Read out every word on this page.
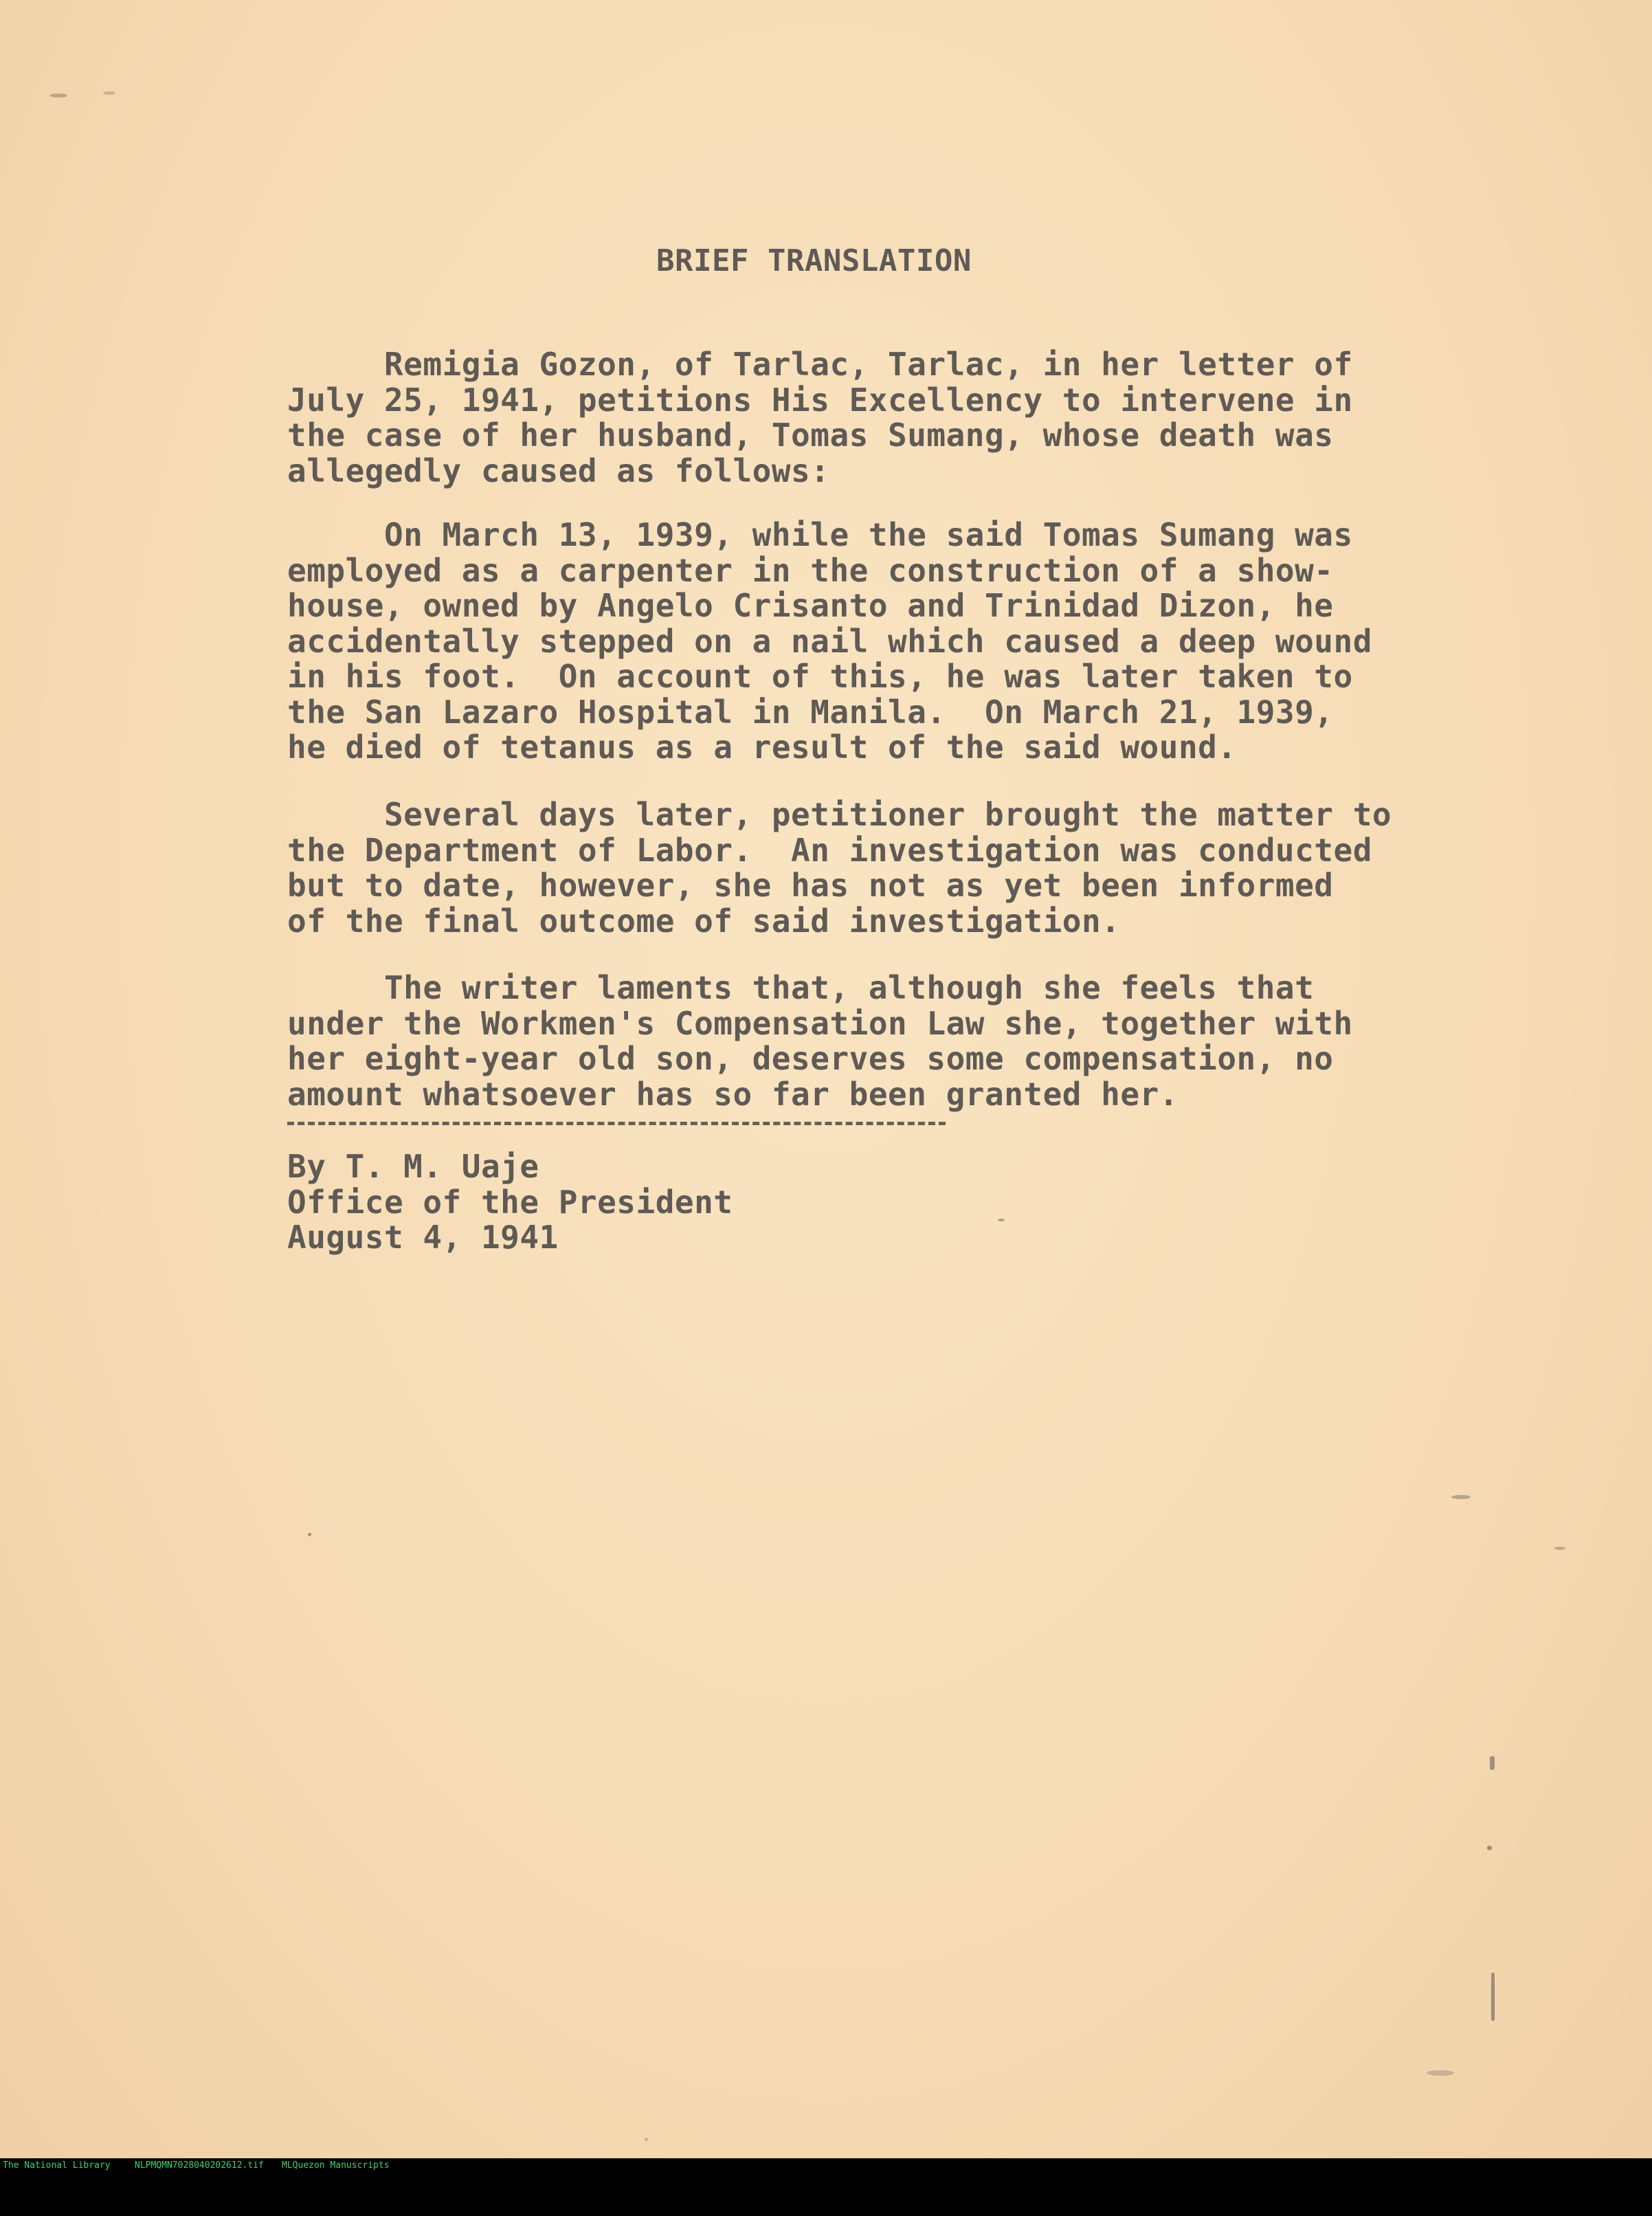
BRIEF TRANSLATION

Remigia Gozon, of Tarlac, Tarlac, in her letter of
July 25, 1941, petitions His Excellency to intervene in
the case of her husband, Tomas Sumang, whose death was
allegedly caused as follows:

On March 13, 1939, while the said Tomas Sumang was
employed as a carpenter in the construction of a show-
house, owned by Angelo Crisanto and Trinidad Dizon, he
accidentally stepped on a nail which caused a deep wound
in his foot.  On account of this, he was later taken to
the San Lazaro Hospital in Manila.  On March 21, 1939,
he died of tetanus as a result of the said wound.

Several days later, petitioner brought the matter to
the Department of Labor.  An investigation was conducted
but to date, however, she has not as yet been informed
of the final outcome of said investigation.

The writer laments that, although she feels that
under the Workmen's Compensation Law she, together with
her eight-year old son, deserves some compensation, no
amount whatsoever has so far been granted her.

By T. M. Uaje
Office of the President
August 4, 1941

The National Library

	NLPMQMN7028040202612.tif

MLQuezon Manuscripts
